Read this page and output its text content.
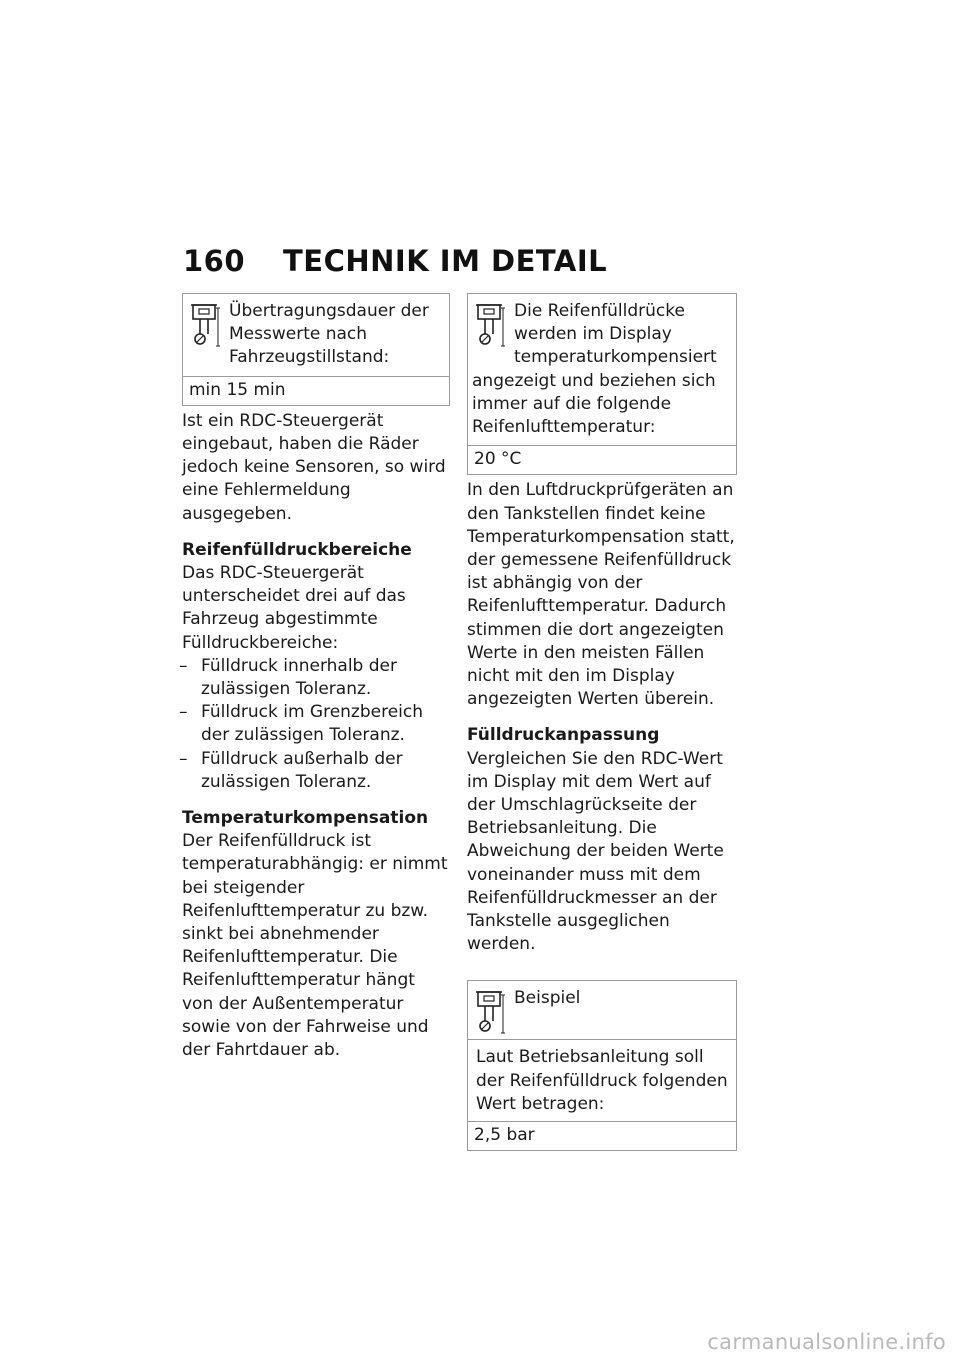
160	TECHNIK IM DETAIL
Übertragungsdauer der Messwerte nach Fahrzeugstillstand:
min 15 min

Ist ein RDC-Steuergerät eingebaut, haben die Räder jedoch keine Sensoren, so wird eine Fehlermeldung ausgegeben.

Reifenfülldruckbereiche

Das RDC-Steuergerät unterscheidet drei auf das Fahrzeug abgestimmte Fülldruckbereiche:

– Fülldruck innerhalb der zulässigen Toleranz.
– Fülldruck im Grenzbereich der zulässigen Toleranz.
– Fülldruck außerhalb der zulässigen Toleranz.

Temperaturkompensation

Der Reifenfülldruck ist temperaturabhängig: er nimmt bei steigender Reifenlufttemperatur zu bzw. sinkt bei abnehmender Reifenlufttemperatur. Die Reifenlufttemperatur hängt von der Außentemperatur sowie von der Fahrweise und der Fahrtdauer ab.

Die Reifenfülldrücke werden im Display temperaturkompensiert angezeigt und beziehen sich immer auf die folgende Reifenlufttemperatur:
20 °C

In den Luftdruckprüfgeräten an den Tankstellen findet keine Temperaturkompensation statt, der gemessene Reifenfülldruck ist abhängig von der Reifenlufttemperatur. Dadurch stimmen die dort angezeigten Werte in den meisten Fällen nicht mit den im Display angezeigten Werten überein.

Fülldruckanpassung

Vergleichen Sie den RDC-Wert im Display mit dem Wert auf der Umschlagrückseite der Betriebsanleitung. Die Abweichung der beiden Werte voneinander muss mit dem Reifenfülldruckmesser an der Tankstelle ausgeglichen werden.

Beispiel
Laut Betriebsanleitung soll der Reifenfülldruck folgenden Wert betragen:
2,5 bar
carmanualsonline.info
